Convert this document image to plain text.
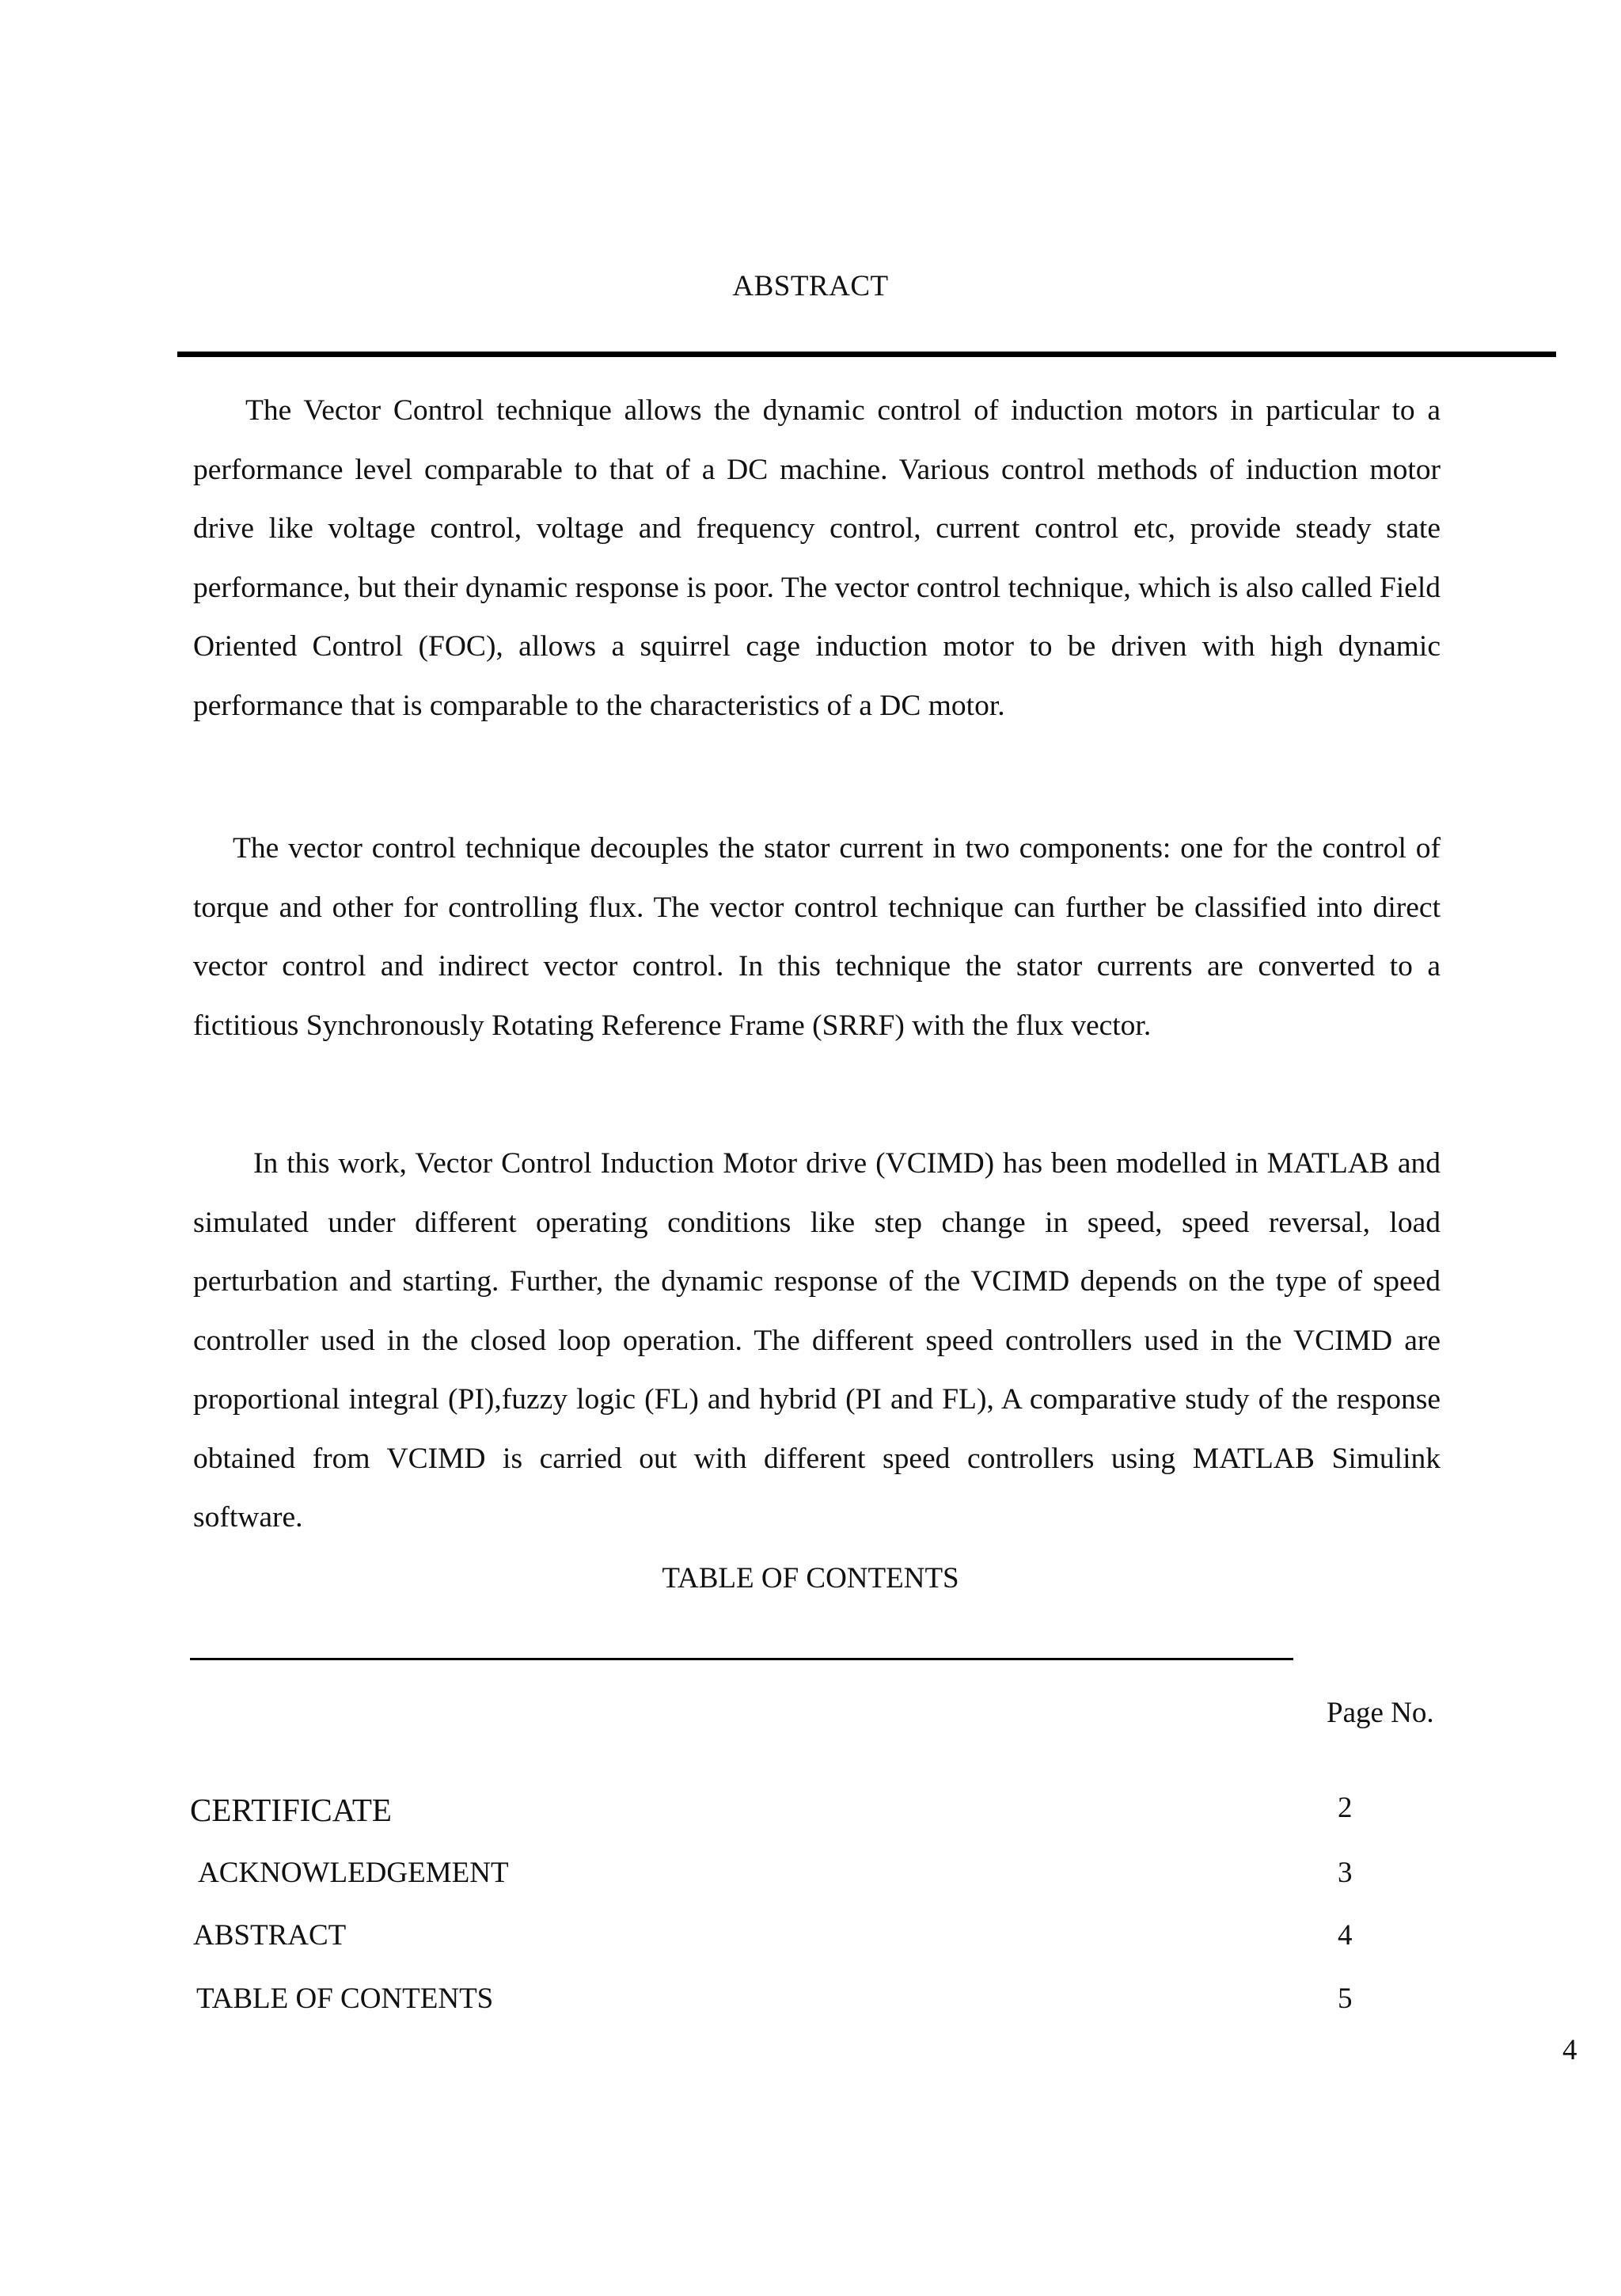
ABSTRACT

The Vector Control technique allows the dynamic control of induction motors in particular to a performance level comparable to that of a DC machine. Various control methods of induction motor drive like voltage control, voltage and frequency control, current control etc, provide steady state performance, but their dynamic response is poor. The vector control technique, which is also called Field Oriented Control (FOC), allows a squirrel cage induction motor to be driven with high dynamic performance that is comparable to the characteristics of a DC motor.

The vector control technique decouples the stator current in two components: one for the control of torque and other for controlling flux. The vector control technique can further be classified into direct vector control and indirect vector control. In this technique the stator currents are converted to a fictitious Synchronously Rotating Reference Frame (SRRF) with the flux vector.

In this work, Vector Control Induction Motor drive (VCIMD) has been modelled in MATLAB and simulated under different operating conditions like step change in speed, speed reversal, load perturbation and starting. Further, the dynamic response of the VCIMD depends on the type of speed controller used in the closed loop operation. The different speed controllers used in the VCIMD are proportional integral (PI),fuzzy logic (FL) and hybrid (PI and FL), A comparative study of the response obtained from VCIMD is carried out with different speed controllers using MATLAB Simulink software.

TABLE OF CONTENTS
Page No.
CERTIFICATE	2
ACKNOWLEDGEMENT	3
ABSTRACT	4
TABLE OF CONTENTS	5
4
